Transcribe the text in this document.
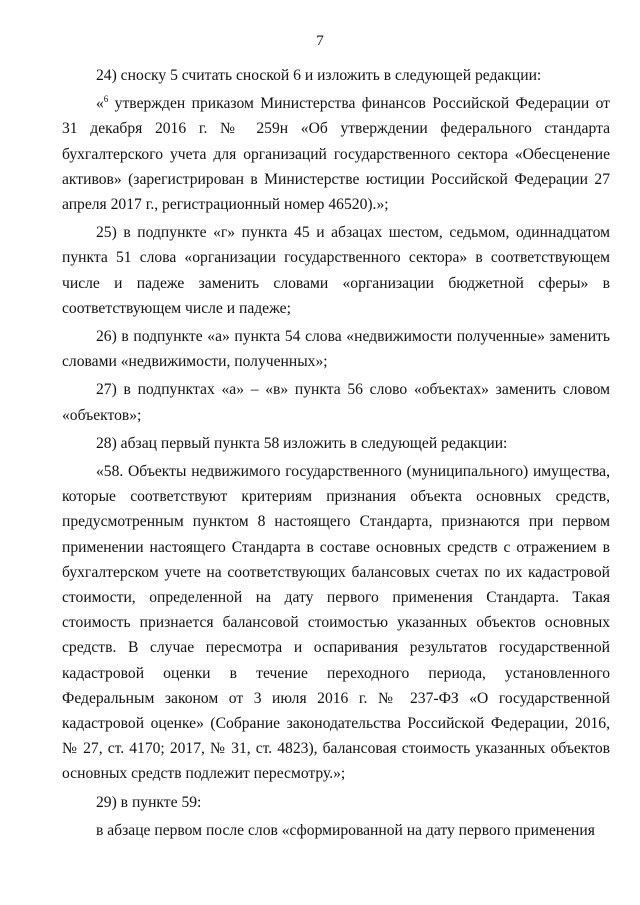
7

24) сноску 5 считать сноской 6 и изложить в следующей редакции:

«$^6$ утвержден приказом Министерства финансов Российской Федерации от 31 декабря 2016 г. № 259н «Об утверждении федерального стандарта бухгалтерского учета для организаций государственного сектора «Обесценение активов» (зарегистрирован в Министерстве юстиции Российской Федерации 27 апреля 2017 г., регистрационный номер 46520).»;

25) в подпункте «г» пункта 45 и абзацах шестом, седьмом, одиннадцатом пункта 51 слова «организации государственного сектора» в соответствующем числе и падеже заменить словами «организации бюджетной сферы» в соответствующем числе и падеже;

26) в подпункте «а» пункта 54 слова «недвижимости полученные» заменить словами «недвижимости, полученных»;

27) в подпунктах «а» – «в» пункта 56 слово «объектах» заменить словом «объектов»;

28) абзац первый пункта 58 изложить в следующей редакции:

«58. Объекты недвижимого государственного (муниципального) имущества, которые соответствуют критериям признания объекта основных средств, предусмотренным пунктом 8 настоящего Стандарта, признаются при первом применении настоящего Стандарта в составе основных средств с отражением в бухгалтерском учете на соответствующих балансовых счетах по их кадастровой стоимости, определенной на дату первого применения Стандарта. Такая стоимость признается балансовой стоимостью указанных объектов основных средств. В случае пересмотра и оспаривания результатов государственной кадастровой оценки в течение переходного периода, установленного Федеральным законом от 3 июля 2016 г. № 237-ФЗ «О государственной кадастровой оценке» (Собрание законодательства Российской Федерации, 2016, № 27, ст. 4170; 2017, № 31, ст. 4823), балансовая стоимость указанных объектов основных средств подлежит пересмотру.»;

29) в пункте 59:

в абзаце первом после слов «сформированной на дату первого применения
